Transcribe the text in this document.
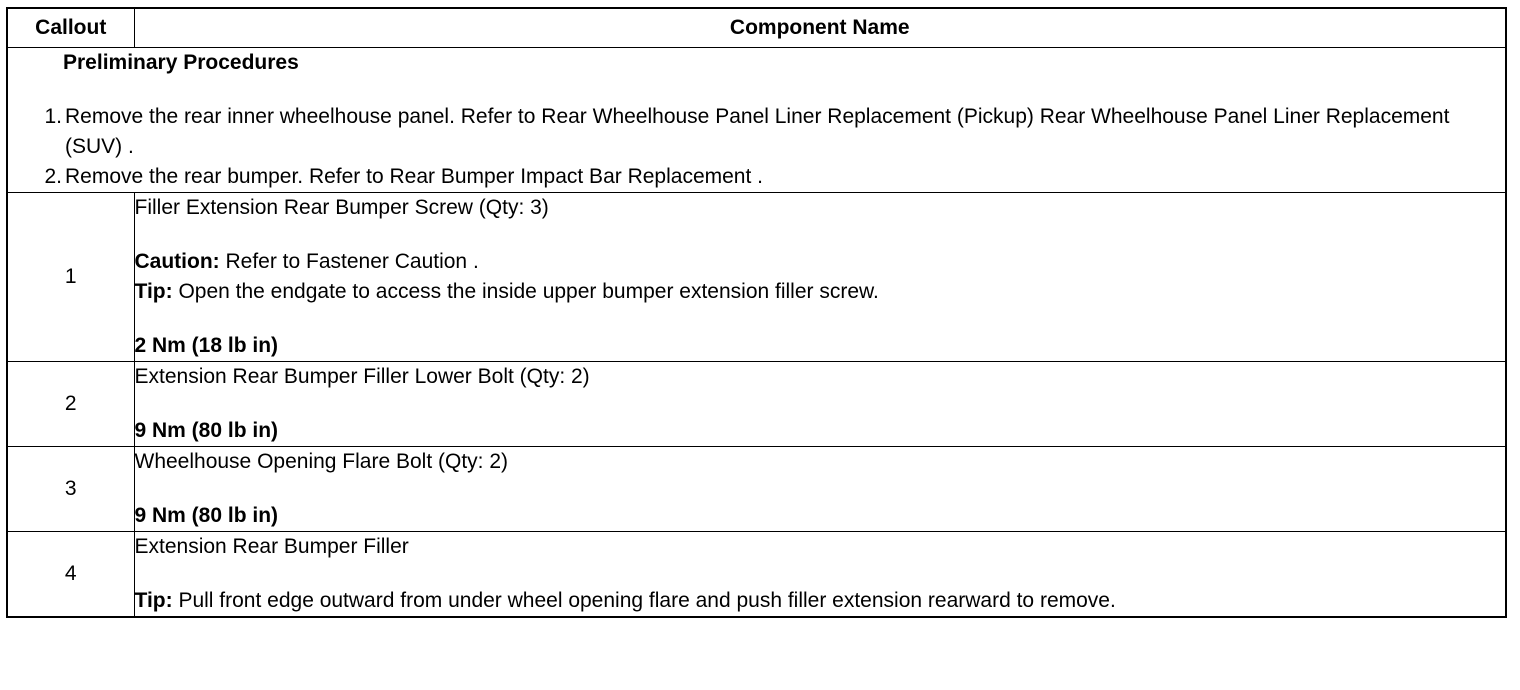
Callout	Component Name

Preliminary Procedures
1. Remove the rear inner wheelhouse panel. Refer to Rear Wheelhouse Panel Liner Replacement (Pickup) Rear Wheelhouse Panel Liner Replacement (SUV) .
2. Remove the rear bumper. Refer to Rear Bumper Impact Bar Replacement .	

1	Filler Extension Rear Bumper Screw (Qty: 3)
Caution: Refer to Fastener Caution .
Tip: Open the endgate to access the inside upper bumper extension filler screw.
2 Nm (18 lb in)

2	Extension Rear Bumper Filler Lower Bolt (Qty: 2)
9 Nm (80 lb in)

3	Wheelhouse Opening Flare Bolt (Qty: 2)
9 Nm (80 lb in)

4	Extension Rear Bumper Filler
Tip: Pull front edge outward from under wheel opening flare and push filler extension rearward to remove.
